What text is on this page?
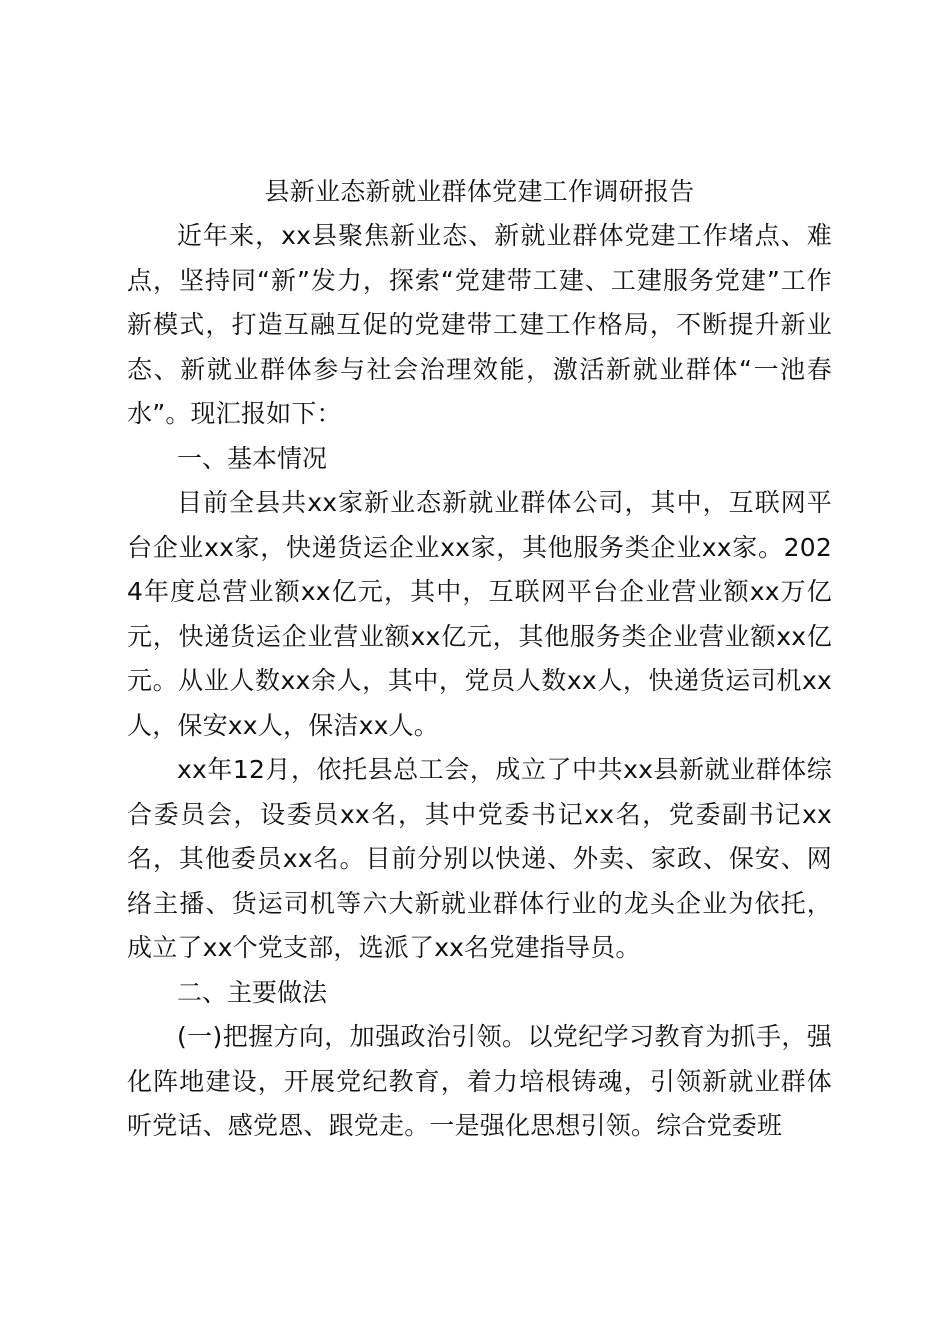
县新业态新就业群体党建工作调研报告

近年来，xx县聚焦新业态、新就业群体党建工作堵点、难点，坚持同“新”发力，探索“党建带工建、工建服务党建”工作新模式，打造互融互促的党建带工建工作格局，不断提升新业态、新就业群体参与社会治理效能，激活新就业群体“一池春水”。现汇报如下：

一、基本情况

目前全县共xx家新业态新就业群体公司，其中，互联网平台企业xx家，快递货运企业xx家，其他服务类企业xx家。2024年度总营业额xx亿元，其中，互联网平台企业营业额xx万亿元，快递货运企业营业额xx亿元，其他服务类企业营业额xx亿元。从业人数xx余人，其中，党员人数xx人，快递货运司机xx人，保安xx人，保洁xx人。

xx年12月，依托县总工会，成立了中共xx县新就业群体综合委员会，设委员xx名，其中党委书记xx名，党委副书记xx名，其他委员xx名。目前分别以快递、外卖、家政、保安、网络主播、货运司机等六大新就业群体行业的龙头企业为依托，成立了xx个党支部，选派了xx名党建指导员。

二、主要做法

(一)把握方向，加强政治引领。以党纪学习教育为抓手，强化阵地建设，开展党纪教育，着力培根铸魂，引领新就业群体听党话、感党恩、跟党走。一是强化思想引领。综合党委班
